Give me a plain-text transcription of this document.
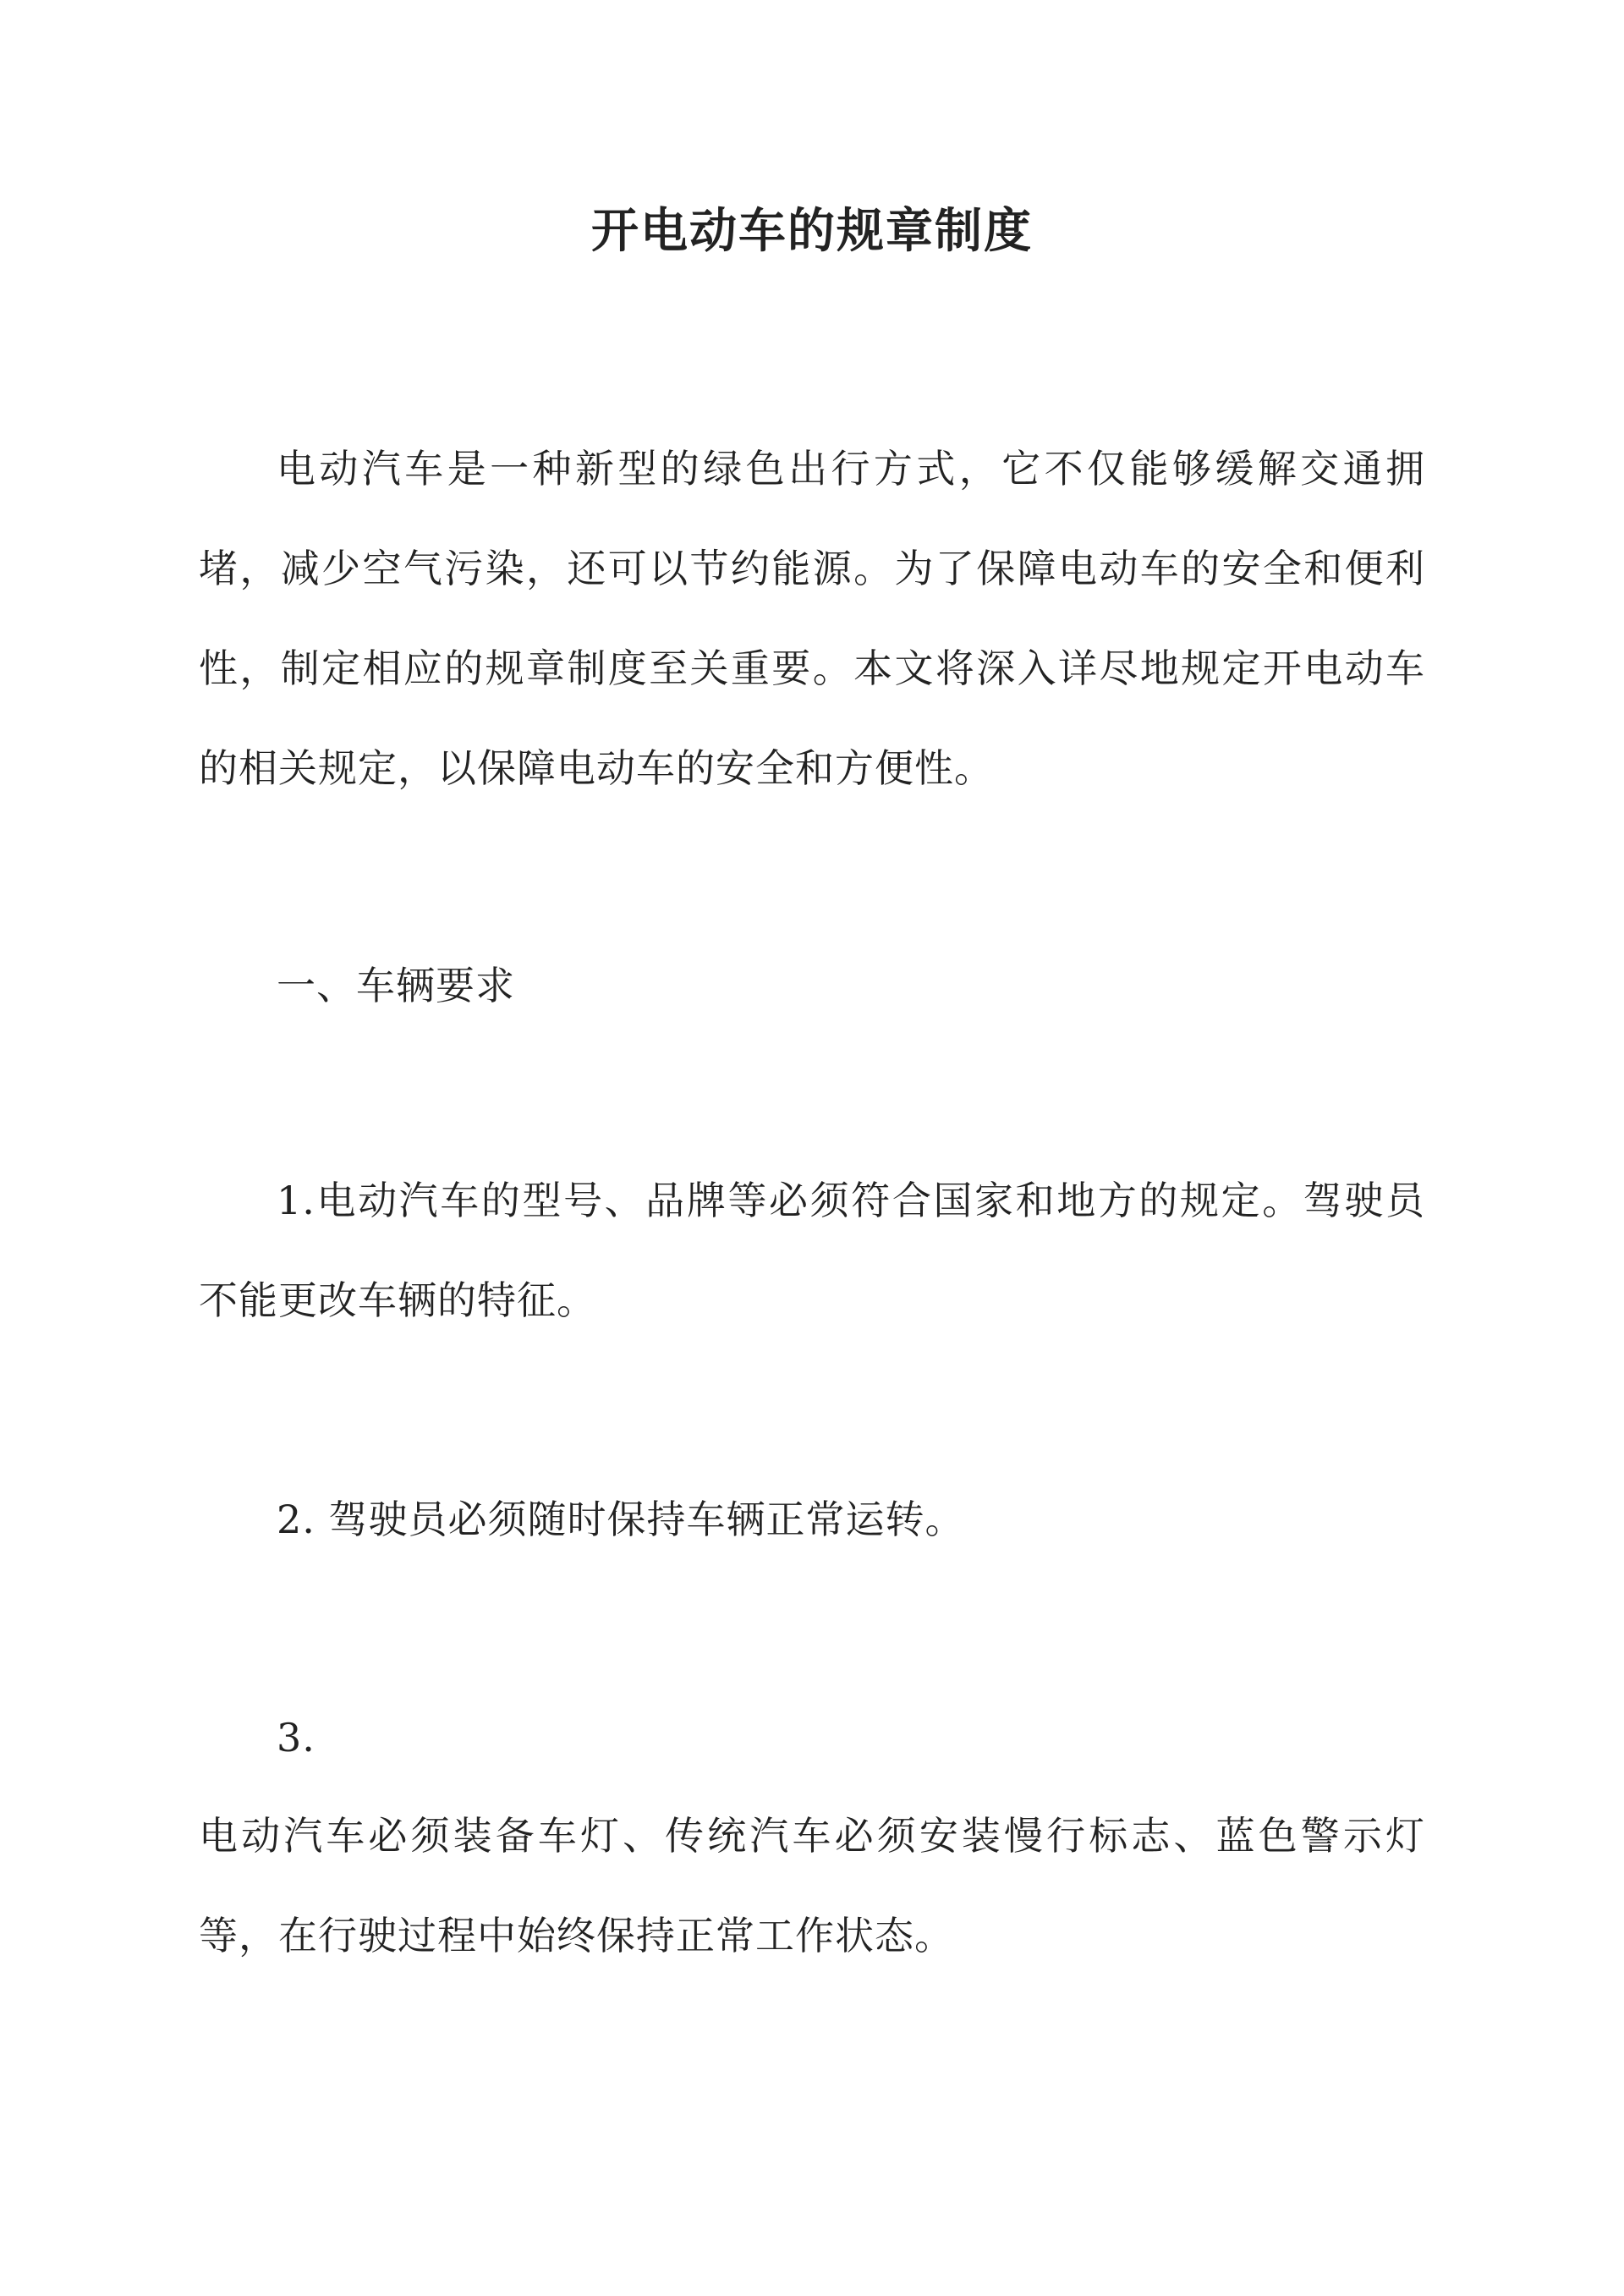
开电动车的规章制度

电动汽车是一种新型的绿色出行方式，它不仅能够缓解交通拥堵，减少空气污染，还可以节约能源。为了保障电动车的安全和便利性，制定相应的规章制度至关重要。本文将深入详尽地规定开电动车的相关规定，以保障电动车的安全和方便性。

一、车辆要求

1.电动汽车的型号、品牌等必须符合国家和地方的规定。驾驶员不能更改车辆的特征。

2. 驾驶员必须随时保持车辆正常运转。

3.

电动汽车必须装备车灯、传统汽车必须安装慢行标志、蓝色警示灯等，在行驶过程中始终保持正常工作状态。
